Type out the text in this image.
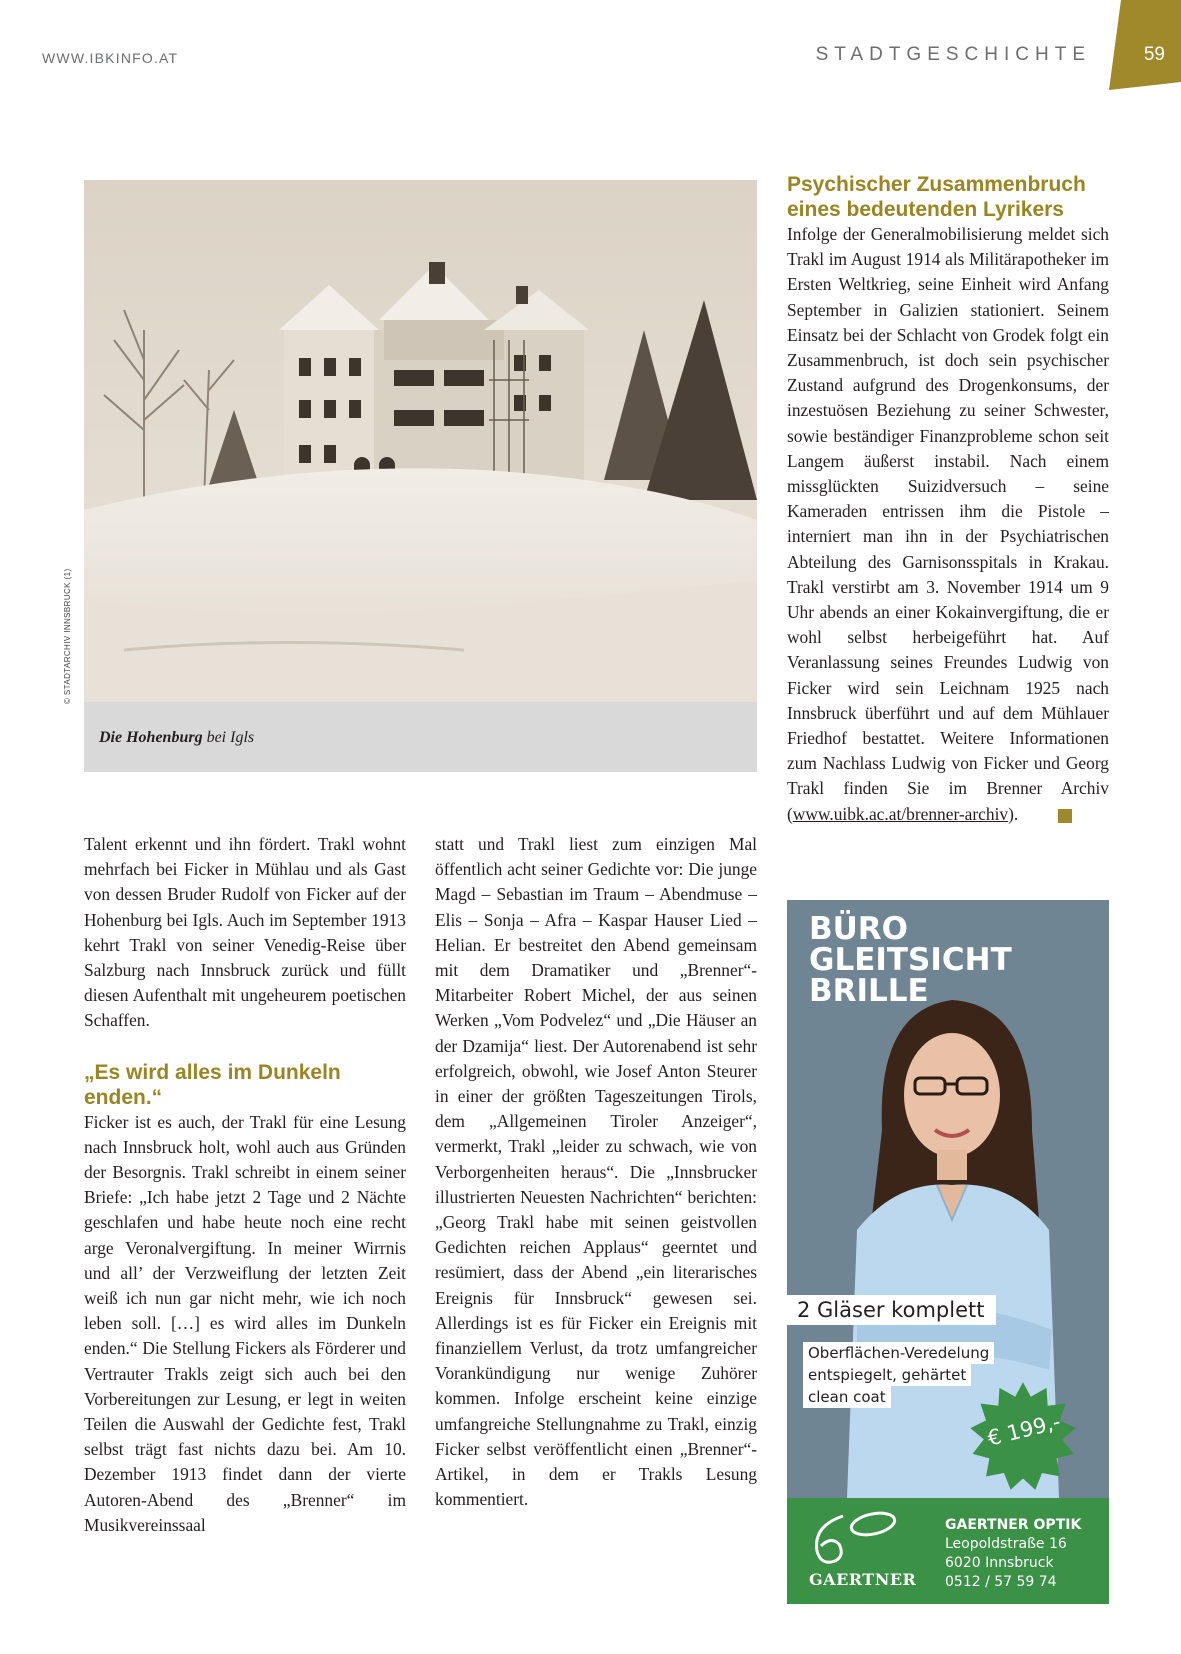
WWW.IBKINFO.AT	STADTGESCHICHTE	59
© STADTARCHIV INNSBRUCK (1)
Die Hohenburg bei Igls

Talent erkennt und ihn fördert. Trakl wohnt mehrfach bei Ficker in Mühlau und als Gast von dessen Bruder Rudolf von Ficker auf der Hohenburg bei Igls. Auch im September 1913 kehrt Trakl von seiner Venedig-Reise über Salzburg nach Innsbruck zurück und füllt diesen Aufenthalt mit ungeheurem poetischen Schaffen.

„Es wird alles im Dunkeln enden.“

Ficker ist es auch, der Trakl für eine Lesung nach Innsbruck holt, wohl auch aus Gründen der Besorgnis. Trakl schreibt in einem seiner Briefe: „Ich habe jetzt 2 Tage und 2 Nächte geschlafen und habe heute noch eine recht arge Veronalvergiftung. In meiner Wirrnis und all’ der Verzweiflung der letzten Zeit weiß ich nun gar nicht mehr, wie ich noch leben soll. […] es wird alles im Dunkeln enden.“ Die Stellung Fickers als Förderer und Vertrauter Trakls zeigt sich auch bei den Vorbereitungen zur Lesung, er legt in weiten Teilen die Auswahl der Gedichte fest, Trakl selbst trägt fast nichts dazu bei. Am 10. Dezember 1913 findet dann der vierte Autoren-Abend des „Brenner“ im Musikvereinssaal

statt und Trakl liest zum einzigen Mal öffentlich acht seiner Gedichte vor: Die junge Magd – Sebastian im Traum – Abendmuse – Elis – Sonja – Afra – Kaspar Hauser Lied – Helian. Er bestreitet den Abend gemeinsam mit dem Dramatiker und „Brenner“-Mitarbeiter Robert Michel, der aus seinen Werken „Vom Podvelez“ und „Die Häuser an der Dzamija“ liest. Der Autorenabend ist sehr erfolgreich, obwohl, wie Josef Anton Steurer in einer der größten Tageszeitungen Tirols, dem „Allgemeinen Tiroler Anzeiger“, vermerkt, Trakl „leider zu schwach, wie von Verborgenheiten heraus“. Die „Innsbrucker illustrierten Neuesten Nachrichten“ berichten: „Georg Trakl habe mit seinen geistvollen Gedichten reichen Applaus“ geerntet und resümiert, dass der Abend „ein literarisches Ereignis für Innsbruck“ gewesen sei. Allerdings ist es für Ficker ein Ereignis mit finanziellem Verlust, da trotz umfangreicher Vorankündigung nur wenige Zuhörer kommen. Infolge erscheint keine einzige umfangreiche Stellungnahme zu Trakl, einzig Ficker selbst veröffentlicht einen „Brenner“-Artikel, in dem er Trakls Lesung kommentiert.

Psychischer Zusammenbruch eines bedeutenden Lyrikers

Infolge der Generalmobilisierung meldet sich Trakl im August 1914 als Militärapotheker im Ersten Weltkrieg, seine Einheit wird Anfang September in Galizien stationiert. Seinem Einsatz bei der Schlacht von Grodek folgt ein Zusammenbruch, ist doch sein psychischer Zustand aufgrund des Drogenkonsums, der inzestuösen Beziehung zu seiner Schwester, sowie beständiger Finanzprobleme schon seit Langem äußerst instabil. Nach einem missglückten Suizidversuch – seine Kameraden entrissen ihm die Pistole – interniert man ihn in der Psychiatrischen Abteilung des Garnisonsspitals in Krakau. Trakl verstirbt am 3. November 1914 um 9 Uhr abends an einer Kokainvergiftung, die er wohl selbst herbeigeführt hat. Auf Veranlassung seines Freundes Ludwig von Ficker wird sein Leichnam 1925 nach Innsbruck überführt und auf dem Mühlauer Friedhof bestattet. Weitere Informationen zum Nachlass Ludwig von Ficker und Georg Trakl finden Sie im Brenner Archiv (www.uibk.ac.at/brenner-archiv).

BÜRO
GLEITSICHT
BRILLE
2 Gläser komplett
Oberflächen-Veredelung
entspiegelt, gehärtet
clean coat
€ 199,-
GAERTNER
GAERTNER OPTIK
Leopoldstraße 16
6020 Innsbruck
0512 / 57 59 74
